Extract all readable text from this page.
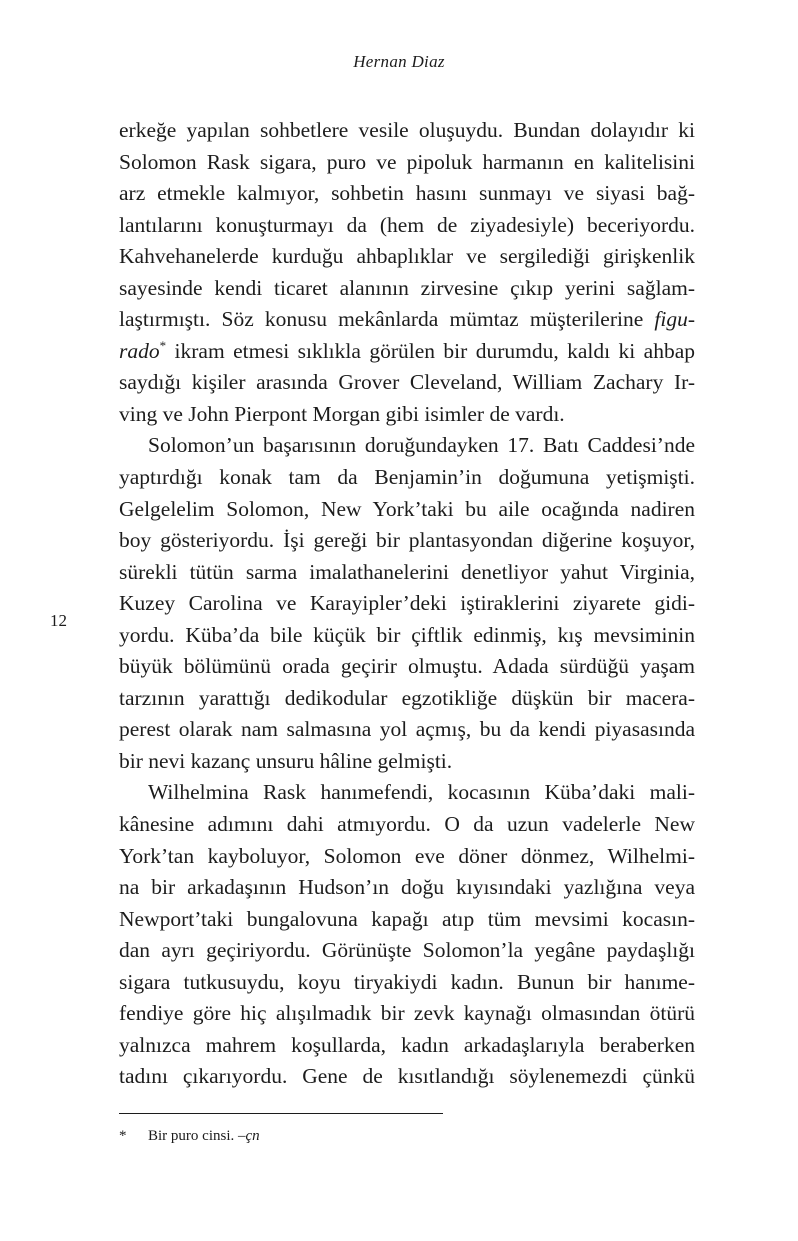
Hernan Diaz
12
erkeğe yapılan sohbetlere vesile oluşuydu. Bundan dolayıdır ki
Solomon Rask sigara, puro ve pipoluk harmanın en kalitelisini
arz etmekle kalmıyor, sohbetin hasını sunmayı ve siyasi bağ-
lantılarını konuşturmayı da (hem de ziyadesiyle) beceriyordu.
Kahvehanelerde kurduğu ahbaplıklar ve sergilediği girişkenlik
sayesinde kendi ticaret alanının zirvesine çıkıp yerini sağlam-
laştırmıştı. Söz konusu mekânlarda mümtaz müşterilerine figu-
rado* ikram etmesi sıklıkla görülen bir durumdu, kaldı ki ahbap
saydığı kişiler arasında Grover Cleveland, William Zachary Ir-
ving ve John Pierpont Morgan gibi isimler de vardı.
Solomon’un başarısının doruğundayken 17. Batı Caddesi’nde
yaptırdığı konak tam da Benjamin’in doğumuna yetişmişti.
Gelgelelim Solomon, New York’taki bu aile ocağında nadiren
boy gösteriyordu. İşi gereği bir plantasyondan diğerine koşuyor,
sürekli tütün sarma imalathanelerini denetliyor yahut Virginia,
Kuzey Carolina ve Karayipler’deki iştiraklerini ziyarete gidi-
yordu. Küba’da bile küçük bir çiftlik edinmiş, kış mevsiminin
büyük bölümünü orada geçirir olmuştu. Adada sürdüğü yaşam
tarzının yarattığı dedikodular egzotikliğe düşkün bir macera-
perest olarak nam salmasına yol açmış, bu da kendi piyasasında
bir nevi kazanç unsuru hâline gelmişti.
Wilhelmina Rask hanımefendi, kocasının Küba’daki mali-
kânesine adımını dahi atmıyordu. O da uzun vadelerle New
York’tan kayboluyor, Solomon eve döner dönmez, Wilhelmi-
na bir arkadaşının Hudson’ın doğu kıyısındaki yazlığına veya
Newport’taki bungalovuna kapağı atıp tüm mevsimi kocasın-
dan ayrı geçiriyordu. Görünüşte Solomon’la yegâne paydaşlığı
sigara tutkusuydu, koyu tiryakiydi kadın. Bunun bir hanıme-
fendiye göre hiç alışılmadık bir zevk kaynağı olmasından ötürü
yalnızca mahrem koşullarda, kadın arkadaşlarıyla beraberken
tadını çıkarıyordu. Gene de kısıtlandığı söylenemezdi çünkü
* Bir puro cinsi. –çn
